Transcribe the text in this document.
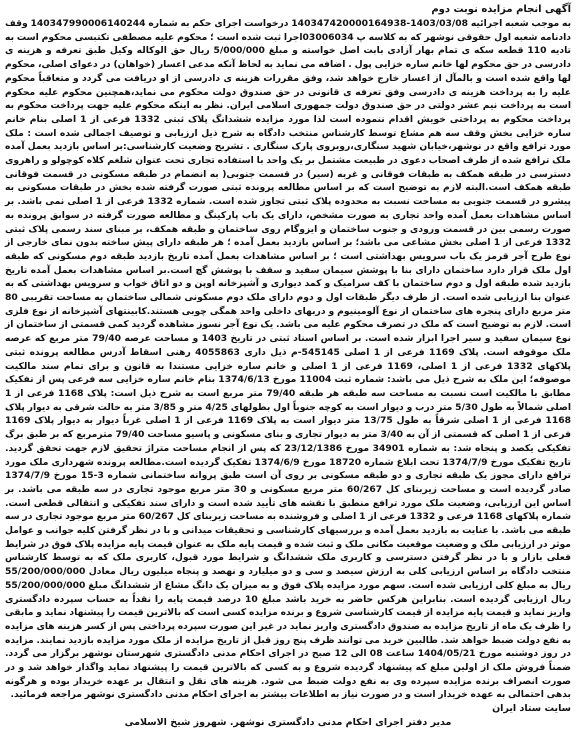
آگهی انجام مزایده نوبت دوم

به موجب شعبه اجرائیه 1403/03/08-140347420000164938 درخواست اجرای حکم به شماره 140347990006140244 وقف دادنامه شعبه اول حقوقی نوشهر که به کلاسه پ 03006034اجرا ثبت شده است ؛ محکوم علیه مصطفی تکتبسی محکوم است به تادیه 110 قطعه سکه ی تمام بهار آزادی بابت اصل خواسته و مبلغ 5/000/000 ریال حق الوکاله وکیل طبق تعرفه و هزینه ی دادرسی در حق محکوم لها خانم ساره خزایی پول . اضافه می نماید به لحاظ آنکه مدعی اعسار (خواهان) در دعوای اصلی، محکوم لها واقع شده است و بالمآل از اعسار خارج خواهد شد، وفق مقررات هزینه ی دادرسی از او دریافت می گردد و متعاقباً محکوم علیه را به پرداخت هزینه ی دادرسی وفق تعرفه ی قانونی در حق صندوق دولت محکوم می نماید،همچنین محکوم علیه محکوم است به پرداخت نیم عشر دولتی در حق صندوق دولت جمهوری اسلامی ایران. نظر به اینکه محکوم علیه جهت پرداخت محکوم به پرداخت محکوم به پرداختی خویش اقدام ننموده است لذا مورد مزایده ششدانگ پلاک ثبتی 1332 فرعی از 1 اصلی بنام خانم ساره خزایی بخش وقف سه هم مشاع توسط کارشناس منتخب دادگاه به شرح ذیل ارزیابی و توصیف اجمالی شده است : ملک مورد ترافع واقع در نوشهر،خیابان شهید سنگاری،روبروی پارک سنگاری . تشریح وضعیت کارشناسی:بر اساس بازدید بعمل آمده ملک ترافع شده از طرف اصحاب دعوی در طبیعت مشتمل بر یک واحد با استفاده تجاری تحت عنوان شلغم کلاه کوچولو و راهروی دسترسی در طبقه همکف به طبقات فوقانی و غربه (سیر) در قسمت جنوبی( به انضمام در طبقه مسکونی در قسمت فوقانی طبقه همکف است.البته لازم به توضیح است که بر اساس مطالعه پرونده ثبتی صورت گرفته شده بخش در طبقات مسکونی به پیشرو در قسمت جنوبی به مساحت نسبت به محدوده پلاک ثبتی تجاوز شده است. شماره 1332 فرعی از 1 اصلی نمی باشد. بر اساس مشاهدات بعمل آمده واحد تجاری به صورت مشخص، دارای یک باب پارکینگ و مطالعه صورت گرفته در سوابق پرونده به صورت رسمی بین در قسمت ورودی و جنوب ساختمان و ایزوگام روی ساختمان و طبقه همکف، بر مبنای سند رسمی پلاک ثبتی 1332 فرعی از 1 اصلی بخش مشاعی می باشد؛ بر اساس بازدید بعمل آمده ؛ هر طبقه دارای پیش ساخته بدون نمای خارجی از نوع طرح آجر قرمز یک باب سرویس بهداشتی است ؛ بر اساس مشاهدات بعمل آمده تاریخ بازدید طبقه دوم مسکونی که طبقه اول ملک قرار دارد ساختمان دارای بنا با پوشش سیمان سفید و سقف با پوشش گچ است.بر اساس مشاهدات بعمل آمده تاریخ بازدید شده طبقه اول و دوم ساختمان با کف سرامیک و کمد دیواری و آشپزخانه اوپن و دو اتاق خواب و سرویس بهداشتی که به عنوان بنا ارزیابی شده است. از طرف دیگر طبقات اول و دوم دارای ملک دوم مسکونی شمالی ساختمان به مساحت تقریبی 80 متر مربع دارای پنجره های ساختمان از نوع آلومینیوم و دربهای داخلی واحد همگی چوبی هستند.کابینتهای آشپزخانه از نوع فلزی است. لازم به توضیح است که ملک در تصرف محکوم علیه می باشد. یک نوع آجر نسوز مشاهده گردید کمی قسمتی از ساختمان از نوع سیمان سفید و سیر اجرا ابزار شده است. بر اساس اسناد ثبتی در تاریخ 1403 و مساحت عرصه 79/40 متر مربع که عرصه ملک موقوفه است. پلاک 1169 فرعی از 1 اصلی 545145-م ذیل داری 4055863 رهنی اسقاط آدرس مطالعه پرونده ثبتی پلاکهای 1332 فرعی از 1 اصلی، 1169 فرعی از 1 اصلی و خانم ساره خزایی مستندا به قانون و برای تمام سند مالکیت موصوفه؛ این ملک به شرح ذیل می باشد: شماره ثبت 11004 مورخ 1374/6/13 بنام خانم ساره خزایی سه فرعی پس از تفکیک مطابق با مالکیت است نسبت به مساحت سه طبقه هر طبقه 79/40 متر مربع است به شرح ذیل است: پلاک 1168 فرعی از 1 اصلی شمالاً به طول 5/30 متر درب و دیوار است به کوچه جنوباً اول بطولهای 4/25 متر و 3/85 متر به حالت شرقی به دیوار پلاک 1168 فرعی از 1 اصلی شرقاً به طول 13/75 متر دیوار است به پلاک 1169 فرعی از 1 اصلی غرباً دیوار به دیوار پلاک 1169 فرعی از 1 اصلی که قسمتی از آن به 3/40 متر به دیوار تجاری و بنای مسکونی و پاسیو مساحت 79/40 مترمربع که بر طبق برگ تفکیکی یکصد و پنجاه شد: به شماره 34901 مورخ 23/12/1386 که پس از انجام مساحت متراژ تحقیق لازم جهت تحقق گردید. تاریخ تفکیک مورخ 1374/7/9 تحت ابلاغ شماره 18720 مورخ 1374/6/9 تفکیک گردیده است.مطالعه پرونده شهرداری ملک مورد ترافع دارای مجوز یک طبقه تجاری و دو طبقه مسکونی بر روی آن است طبق پروانه ساختمانی شماره 3-15 مورخ 1374/7/9 صادر گردیده است و مساحت زیربنای کل 60/267 متر مربع مسکونی و 30 متر مربع موجود تجاری در سه طبقه می باشد. بر اساس این ارزیابی، وضعیت ملک مورد ترافع منطبق با نقشه های تأیید شده است و دارای سند تفکیکی و انتقالی قطعی است. شماره پلاکهای 1168 فرعی و 1332 فرعی از 1 اصلی و فروشنده به مساحت زیربنای کل 60/267 متر مربع موجود تجاری در سه طبقه می باشد. با عنایت به بازدید بعمل آمده و بررسیهای کارشناسی و تحقیقات میدانی و با در نظر گرفتن کلیه جوانب و عوامل موثر در ارزیابی ملک و وضعیت موقعیت مکانی ملک و ثبت شده و قیمت پایه ملک به عنوان قیمت پایه مزایده پلاک فوق در شرایط فعلی بازار و با در نظر گرفتن دسترسی و کاربری ملک ششدانگ و شرایط مورد قبول، کاربری ملک که به توسط کارشناس منتخب دادگاه بر اساس ارزیابی کلی به ارزش سیصد و سی و دو میلیارد و نهصد و پنجاه میلیون ریال معادل 55/200/000/000 ریال به مبلغ کلی ارزیابی شده است. سهم مورد مزایده پلاک فوق و به میزان یک دانگ مشاع از ششدانگ مبلغ 55/200/000/000 ریال ارزیابی گردیده است. بنابراین هرکس حاضر به خرید باشد مبلغ 10 درصد قیمت پایه را نقداً به حساب سپرده دادگستری واریز نماید و قیمت پایه مزایده از قیمت کارشناسی شروع و برنده مزایده کسی است که بالاترین قیمت را پیشنهاد نماید و مابقی را ظرف یک ماه از تاریخ مزایده به صندوق دادگستری واریز نماید در غیر این صورت سپرده پرداختی پس از کسر هزینه های مزایده به نفع دولت ضبط خواهد شد. طالبین خرید می توانند ظرف پنج روز قبل از تاریخ مزایده از ملک مورد مزایده بازدید نمایند. مزایده در روز دوشنبه مورخ 1404/05/21 ساعت 08 الی 12 صبح در اجرای احکام مدنی دادگستری شهرستان نوشهر برگزار می گردد. ضمناً فروش ملک از اولین مبلغ که پیشنهاد گردیده شروع و به کسی که بالاترین قیمت را پیشنهاد نماید واگذار خواهد شد و در صورت انصراف برنده مزایده سپرده وی به نفع دولت ضبط می شود. هزینه های نقل و انتقال بر عهده خریدار بوده و هرگونه بدهی احتمالی به عهده خریدار است و در صورت نیاز به اطلاعات بیشتر به اجرای احکام مدنی دادگستری نوشهر مراجعه فرمائید.

سایت ستاد ایران

مدیر دفتر اجرای احکام مدنی دادگستری نوشهر. شهروز شیخ الاسلامی
